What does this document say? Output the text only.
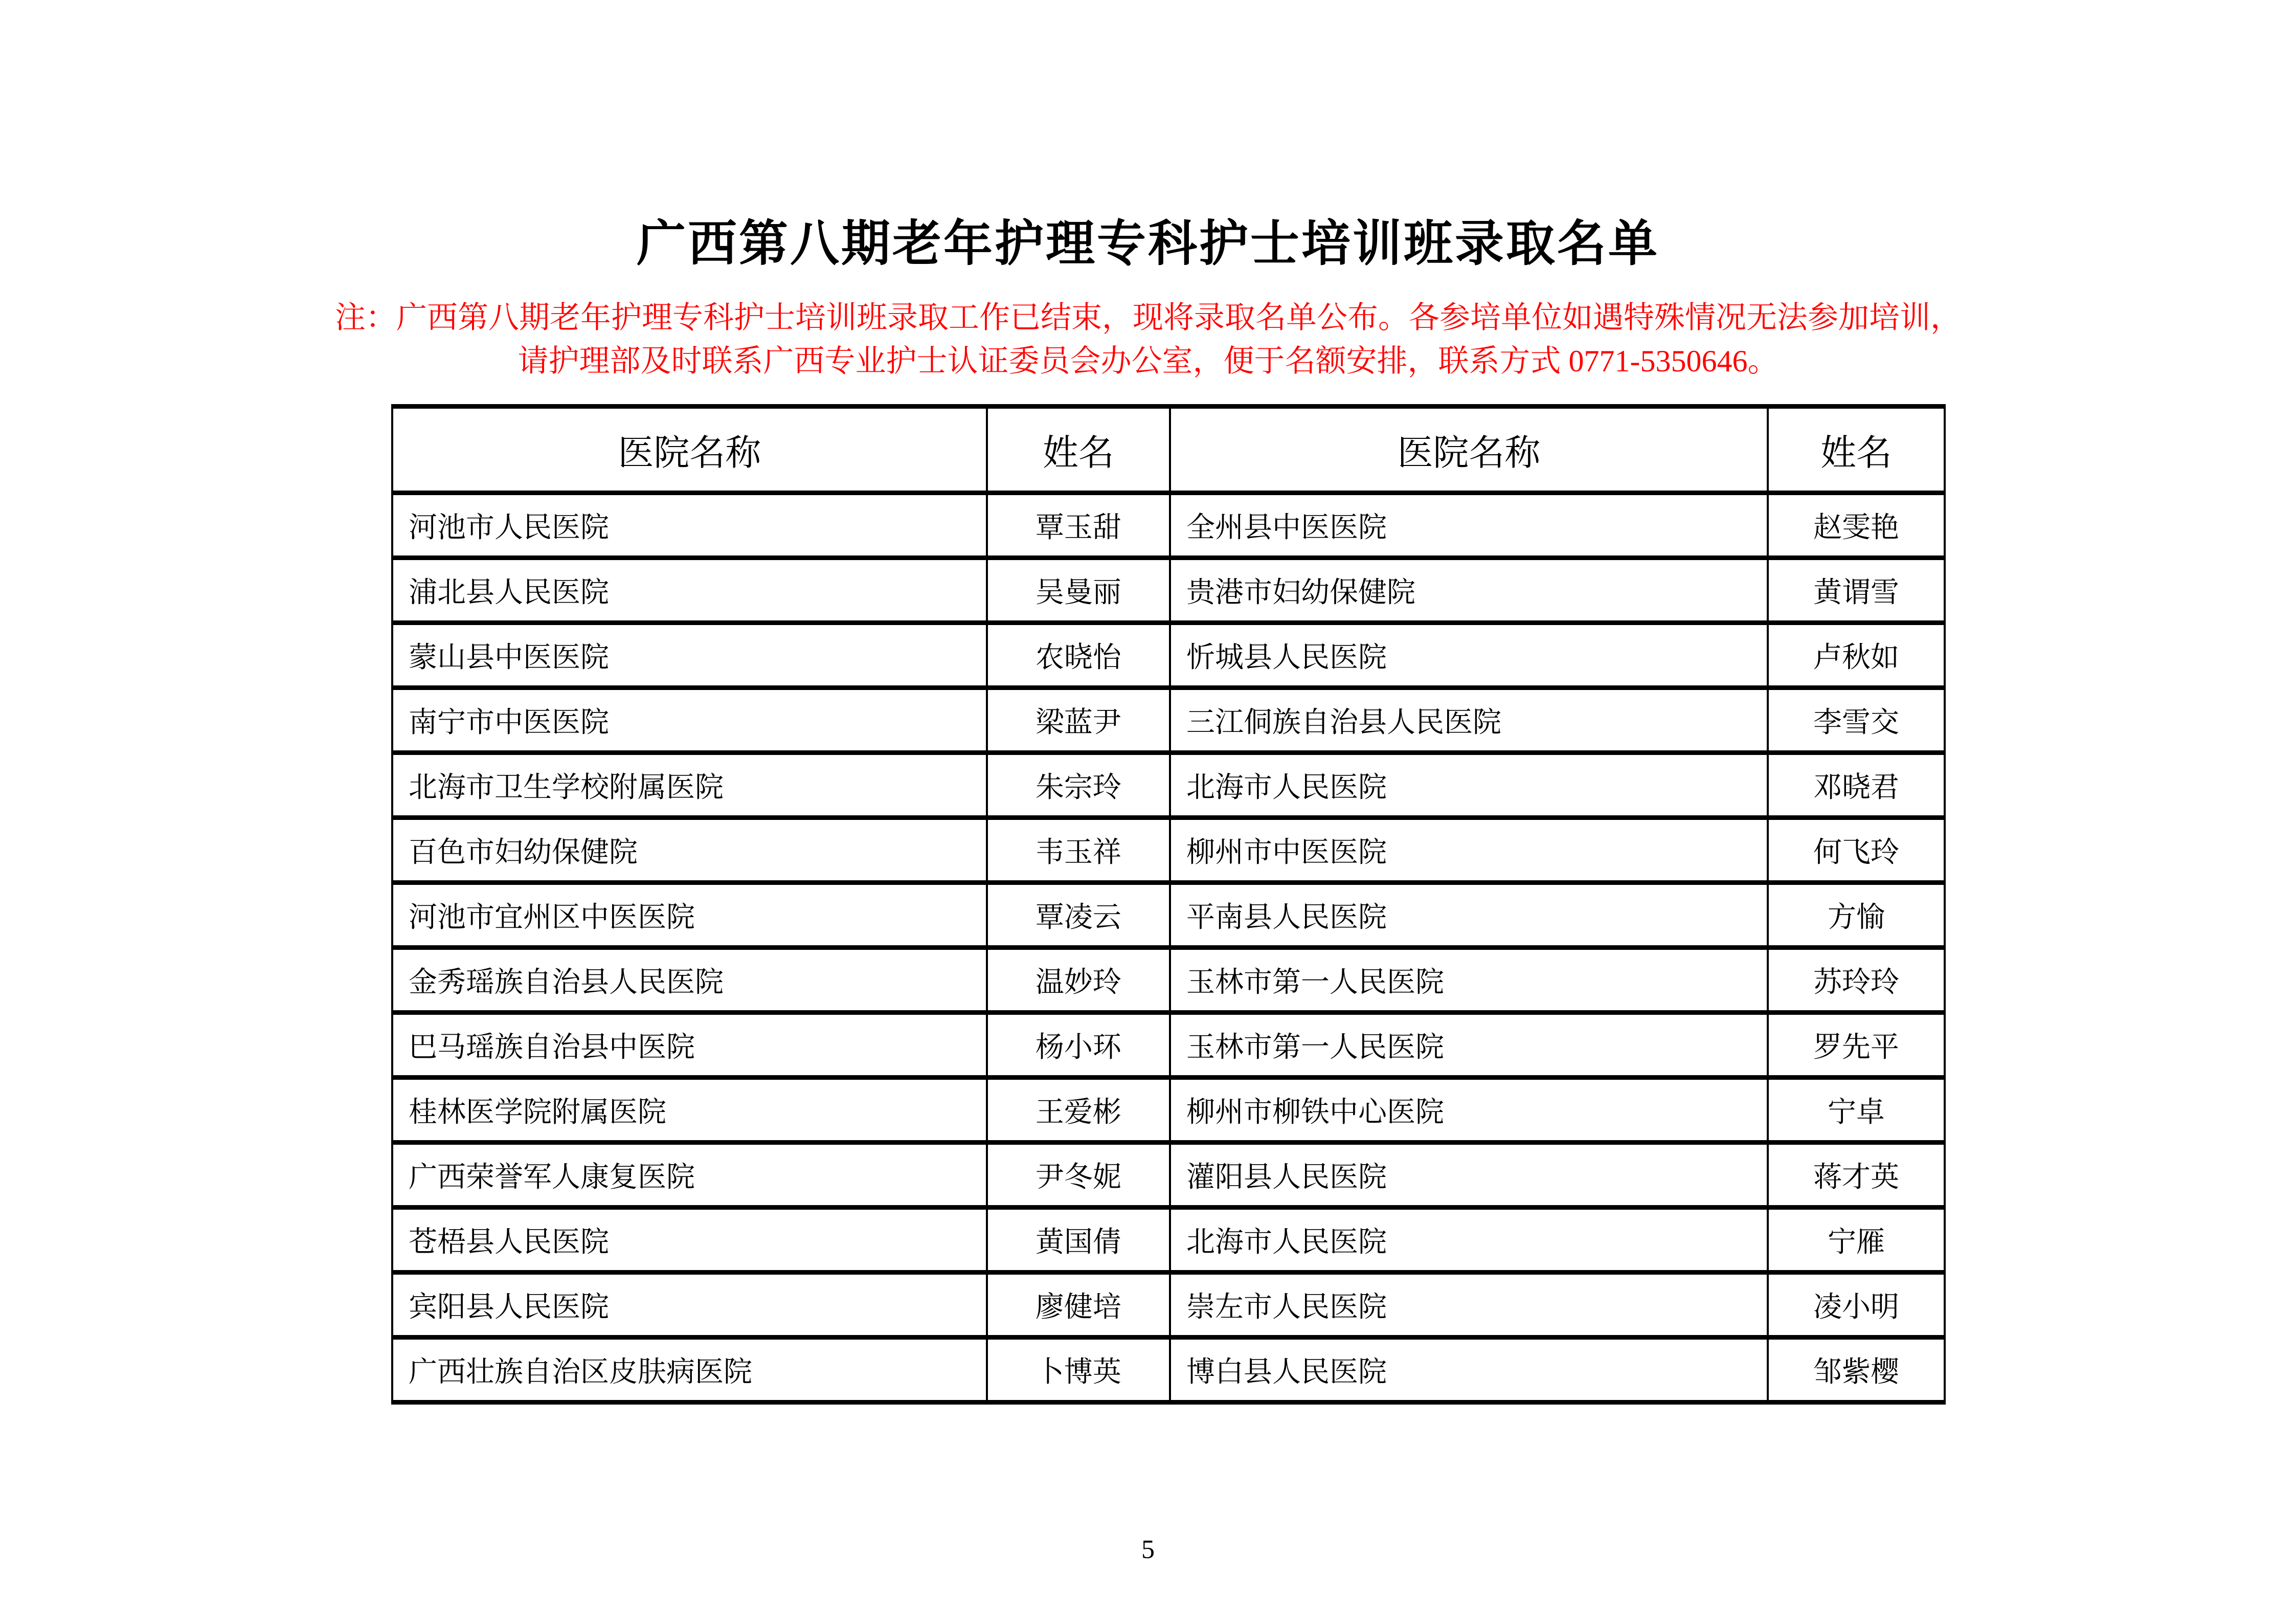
广西第八期老年护理专科护士培训班录取名单
注：广西第八期老年护理专科护士培训班录取工作已结束，现将录取名单公布。各参培单位如遇特殊情况无法参加培训，
请护理部及时联系广西专业护士认证委员会办公室，便于名额安排，联系方式 0771-5350646。
医院名称	姓名	医院名称	姓名
河池市人民医院	覃玉甜	全州县中医医院	赵雯艳
浦北县人民医院	吴曼丽	贵港市妇幼保健院	黄谓雪
蒙山县中医医院	农晓怡	忻城县人民医院	卢秋如
南宁市中医医院	梁蓝尹	三江侗族自治县人民医院	李雪交
北海市卫生学校附属医院	朱宗玲	北海市人民医院	邓晓君
百色市妇幼保健院	韦玉祥	柳州市中医医院	何飞玲
河池市宜州区中医医院	覃凌云	平南县人民医院	方愉
金秀瑶族自治县人民医院	温妙玲	玉林市第一人民医院	苏玲玲
巴马瑶族自治县中医院	杨小环	玉林市第一人民医院	罗先平
桂林医学院附属医院	王爱彬	柳州市柳铁中心医院	宁卓
广西荣誉军人康复医院	尹冬妮	灌阳县人民医院	蒋才英
苍梧县人民医院	黄国倩	北海市人民医院	宁雁
宾阳县人民医院	廖健培	崇左市人民医院	凌小明
广西壮族自治区皮肤病医院	卜博英	博白县人民医院	邹紫樱
5
